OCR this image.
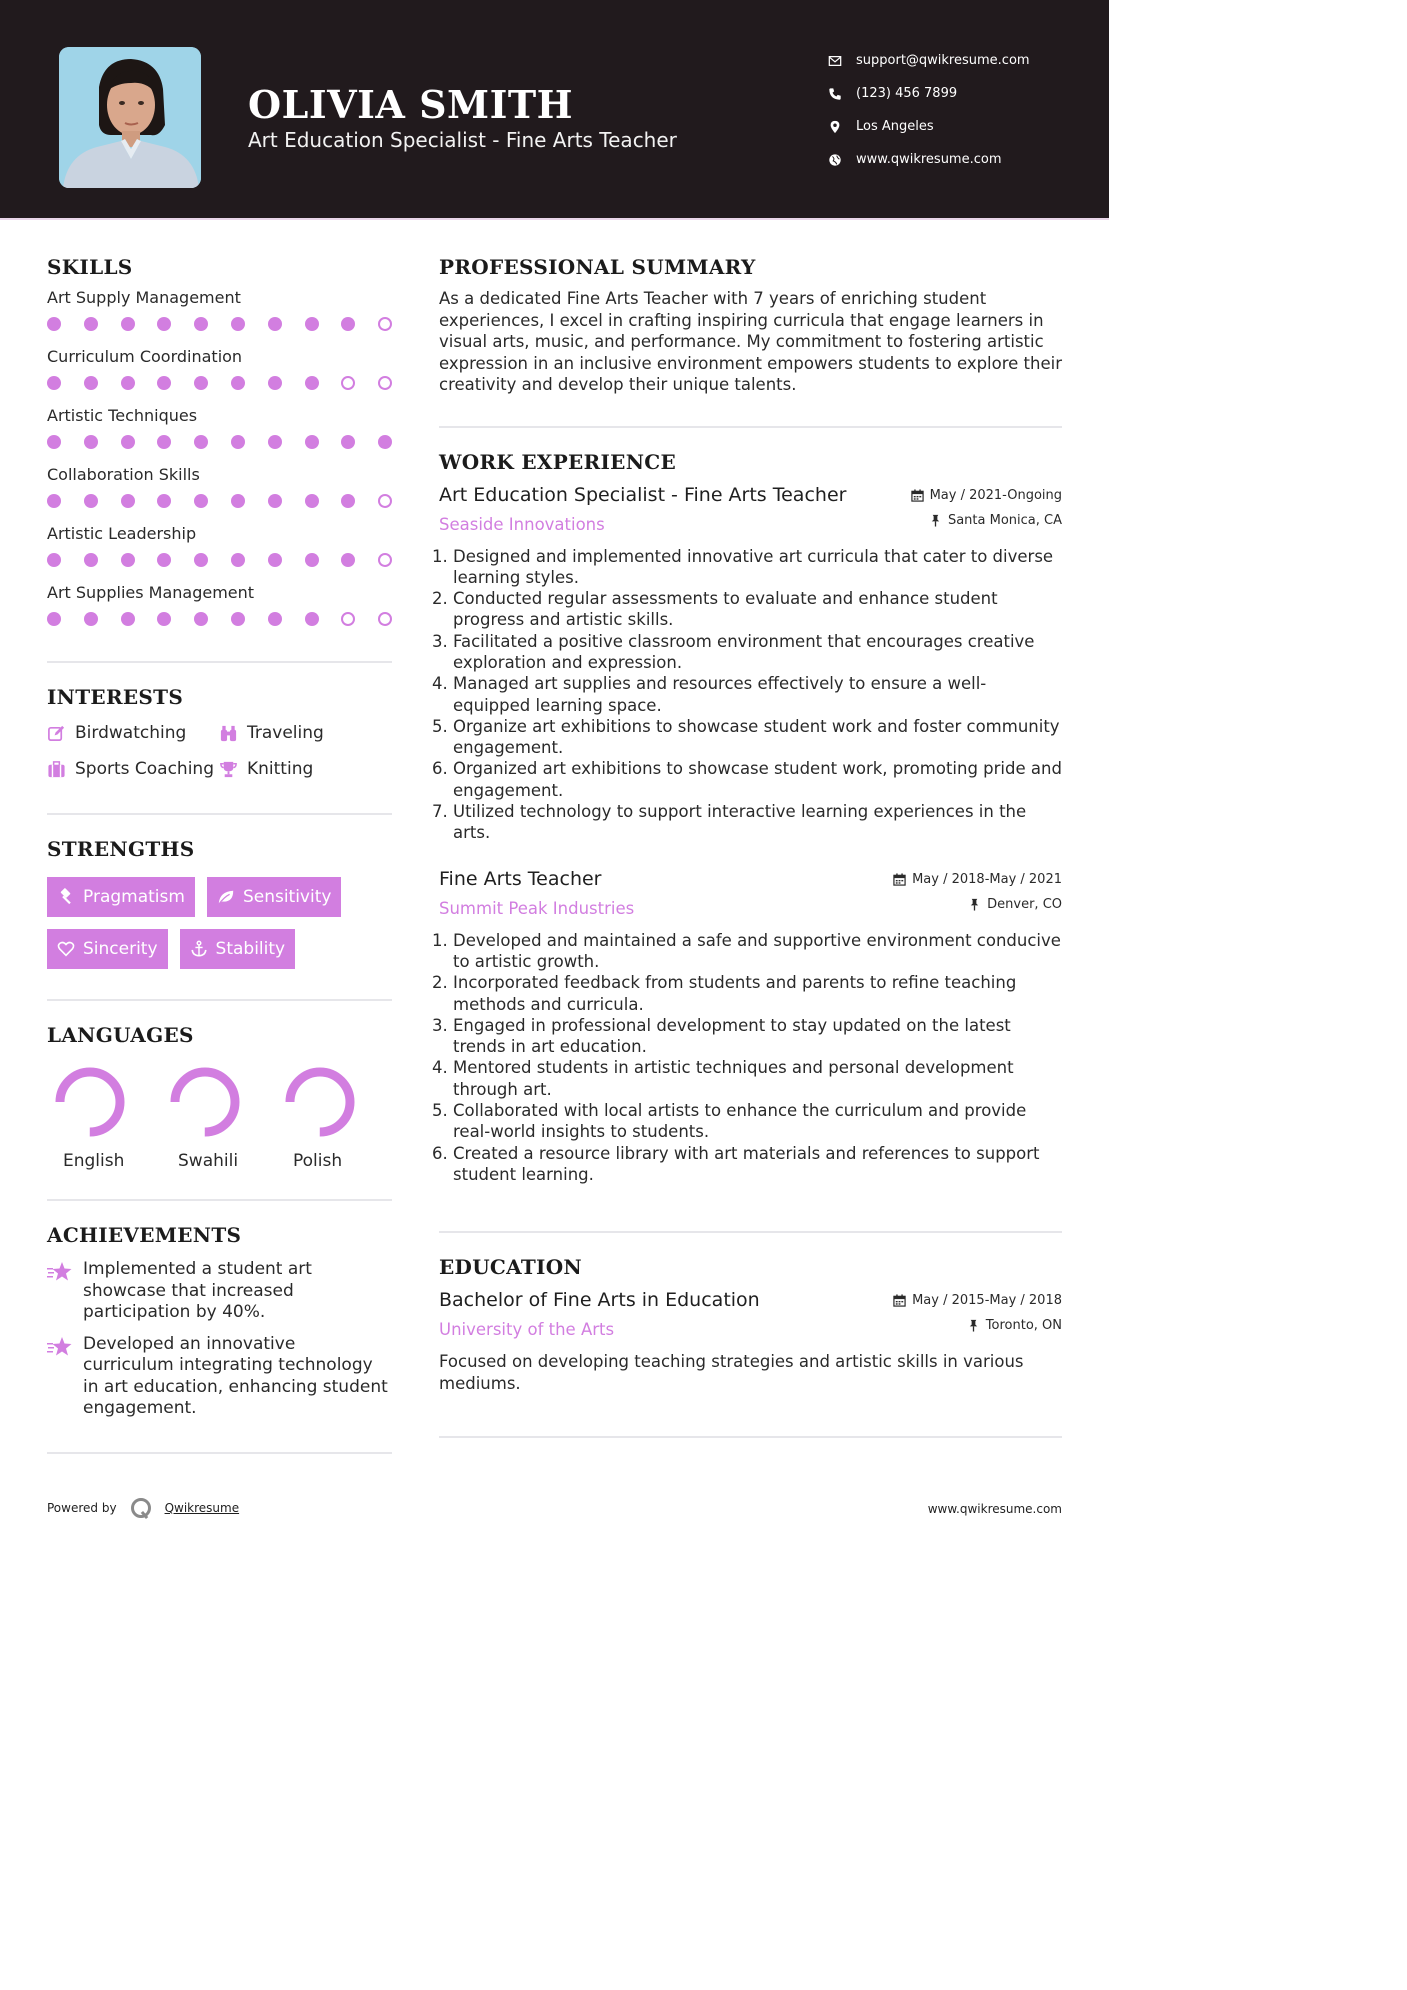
OLIVIA SMITH
Art Education Specialist - Fine Arts Teacher
support@qwikresume.com
(123) 456 7899
Los Angeles
www.qwikresume.com
SKILLS
Art Supply Management
Curriculum Coordination
Artistic Techniques
Collaboration Skills
Artistic Leadership
Art Supplies Management
INTERESTS
Birdwatching	Traveling
Sports Coaching Knitting
STRENGTHS
Pragmatism	Sensitivity
Sincerity	Stability
LANGUAGES
English	Swahili	Polish
ACHIEVEMENTS
Implemented a student art showcase that increased participation by 40%.
Developed an innovative curriculum integrating technology in art education, enhancing student engagement.
PROFESSIONAL SUMMARY
As a dedicated Fine Arts Teacher with 7 years of enriching student experiences, I excel in crafting inspiring curricula that engage learners in visual arts, music, and performance. My commitment to fostering artistic expression in an inclusive environment empowers students to explore their creativity and develop their unique talents.
WORK EXPERIENCE
May / 2021-Ongoing
Santa Monica, CA
Art Education Specialist - Fine Arts Teacher
Seaside Innovations
1. Designed and implemented innovative art curricula that cater to diverse learning styles.
2. Conducted regular assessments to evaluate and enhance student progress and artistic skills.
3. Facilitated a positive classroom environment that encourages creative exploration and expression.
4. Managed art supplies and resources effectively to ensure a well-equipped learning space.
5. Organize art exhibitions to showcase student work and foster community engagement.
6. Organized art exhibitions to showcase student work, promoting pride and engagement.
7. Utilized technology to support interactive learning experiences in the arts.
May / 2018-May / 2021
Denver, CO
Fine Arts Teacher
Summit Peak Industries
1. Developed and maintained a safe and supportive environment conducive to artistic growth.
2. Incorporated feedback from students and parents to refine teaching methods and curricula.
3. Engaged in professional development to stay updated on the latest trends in art education.
4. Mentored students in artistic techniques and personal development through art.
5. Collaborated with local artists to enhance the curriculum and provide real-world insights to students.
6. Created a resource library with art materials and references to support student learning.
EDUCATION
May / 2015-May / 2018
Toronto, ON
Bachelor of Fine Arts in Education
University of the Arts
Focused on developing teaching strategies and artistic skills in various mediums.
Powered by	Qwikresume	www.qwikresume.com
